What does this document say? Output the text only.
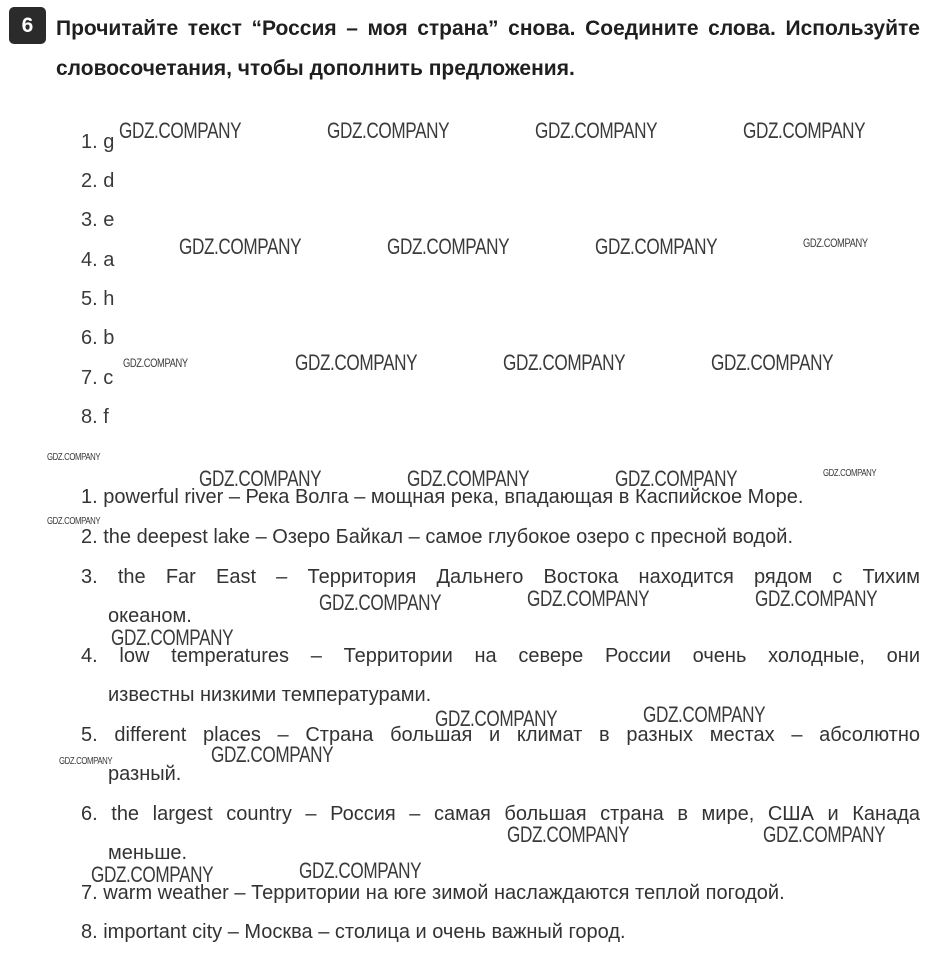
6	Прочитайте текст “Россия – моя страна” снова. Соедините слова. Используйте словосочетания, чтобы дополнить предложения.
1. g
2. d
3. e
4. a
5. h
6. b
7. c
8. f
1. powerful river – Река Волга – мощная река, впадающая в Каспийское Море.
2. the deepest lake – Озеро Байкал – самое глубокое озеро с пресной водой.
3. the Far East – Территория Дальнего Востока находится рядом с Тихим
океаном.
4. low temperatures – Территории на севере России очень холодные, они
известны низкими температурами.
5. different places – Страна большая и климат в разных местах – абсолютно
разный.
6. the largest country – Россия – самая большая страна в мире, США и Канада
меньше.
7. warm weather – Территории на юге зимой наслаждаются теплой погодой.
8. important city – Москва – столица и очень важный город.
GDZ.COMPANY	GDZ.COMPANY	GDZ.COMPANY	GDZ.COMPANY
GDZ.COMPANY	GDZ.COMPANY	GDZ.COMPANY	GDZ.COMPANY
GDZ.COMPANY	GDZ.COMPANY	GDZ.COMPANY	GDZ.COMPANY
GDZ.COMPANY
GDZ.COMPANY	GDZ.COMPANY	GDZ.COMPANY	GDZ.COMPANY
GDZ.COMPANY
GDZ.COMPANY	GDZ.COMPANY	GDZ.COMPANY
GDZ.COMPANY
GDZ.COMPANY	GDZ.COMPANY
GDZ.COMPANY
GDZ.COMPANY
GDZ.COMPANY	GDZ.COMPANY
GDZ.COMPANY	GDZ.COMPANY
